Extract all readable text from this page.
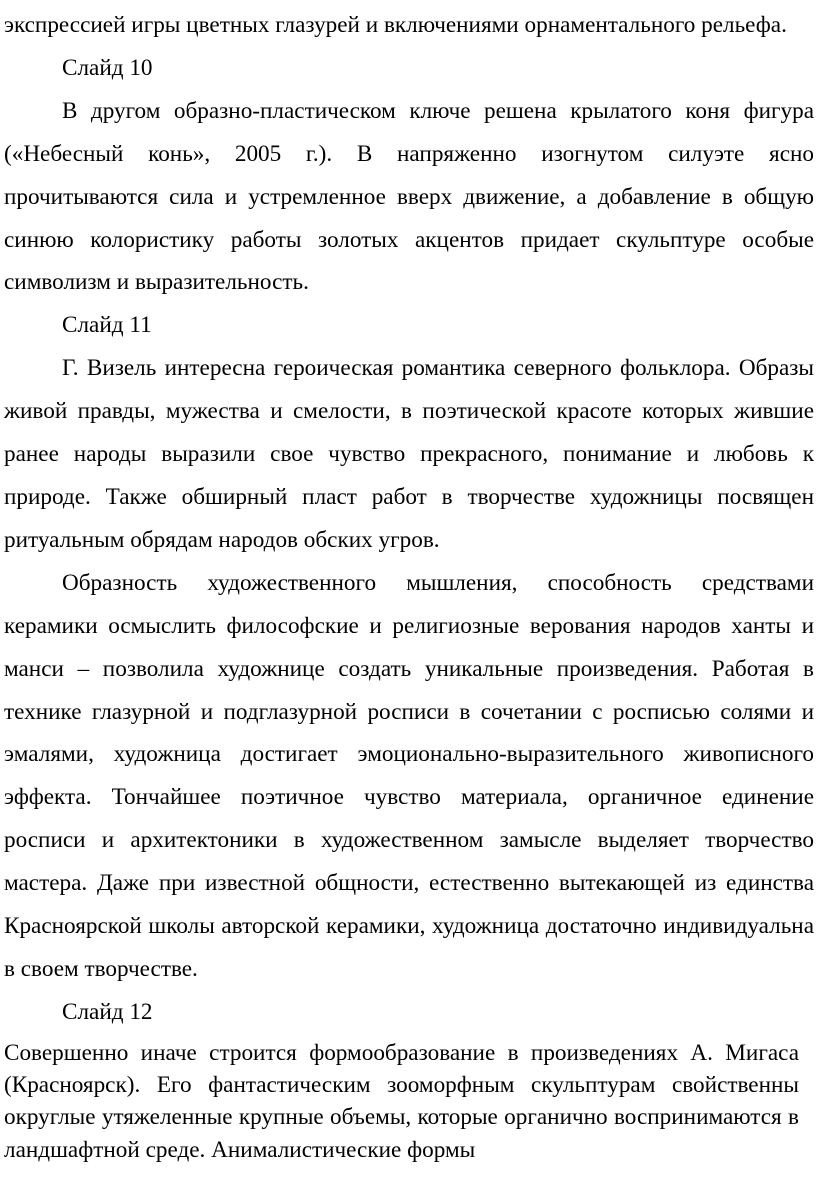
экспрессией игры цветных глазурей и включениями орнаментального рельефа.

Слайд 10

В другом образно-пластическом ключе решена крылатого коня фигура («Небесный конь», 2005 г.). В напряженно изогнутом силуэте ясно прочитываются сила и устремленное вверх движение, а добавление в общую синюю колористику работы золотых акцентов придает скульптуре особые символизм и выразительность.

Слайд 11

Г. Визель интересна героическая романтика северного фольклора. Образы живой правды, мужества и смелости, в поэтической красоте которых жившие ранее народы выразили свое чувство прекрасного, понимание и любовь к природе. Также обширный пласт работ в творчестве художницы посвящен ритуальным обрядам народов обских угров.

Образность художественного мышления, способность средствами керамики осмыслить философские и религиозные верования народов ханты и манси – позволила художнице создать уникальные произведения. Работая в технике глазурной и подглазурной росписи в сочетании с росписью солями и эмалями, художница достигает эмоционально-выразительного живописного эффекта. Тончайшее поэтичное чувство материала, органичное единение росписи и архитектоники в художественном замысле выделяет творчество мастера. Даже при известной общности, естественно вытекающей из единства Красноярской школы авторской керамики, художница достаточно индивидуальна в своем творчестве.

Слайд 12

Совершенно иначе строится формообразование в произведениях А. Мигаса (Красноярск). Его фантастическим зооморфным скульптурам свойственны округлые утяжеленные крупные объемы, которые органично воспринимаются в ландшафтной среде. Анималистические формы
